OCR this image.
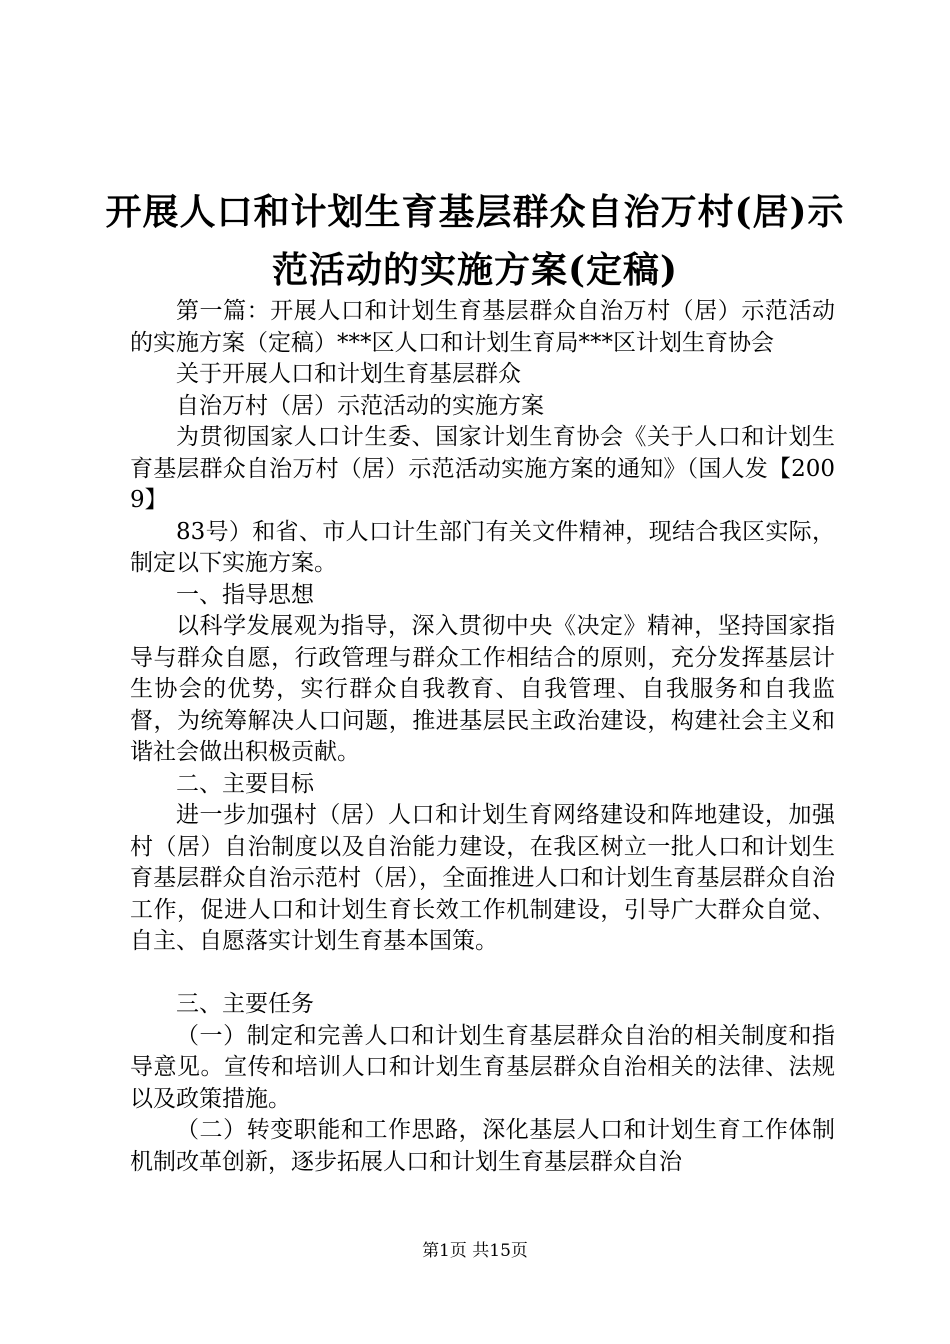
开展人口和计划生育基层群众自治万村(居)示
范活动的实施方案(定稿)

第一篇：开展人口和计划生育基层群众自治万村（居）示范活动的实施方案（定稿）***区人口和计划生育局***区计划生育协会

关于开展人口和计划生育基层群众

自治万村（居）示范活动的实施方案

为贯彻国家人口计生委、国家计划生育协会《关于人口和计划生育基层群众自治万村（居）示范活动实施方案的通知》（国人发【2009】

83号）和省、市人口计生部门有关文件精神，现结合我区实际，制定以下实施方案。

一、指导思想

以科学发展观为指导，深入贯彻中央《决定》精神，坚持国家指导与群众自愿，行政管理与群众工作相结合的原则，充分发挥基层计生协会的优势，实行群众自我教育、自我管理、自我服务和自我监督，为统筹解决人口问题，推进基层民主政治建设，构建社会主义和谐社会做出积极贡献。

二、主要目标

进一步加强村（居）人口和计划生育网络建设和阵地建设，加强村（居）自治制度以及自治能力建设，在我区树立一批人口和计划生育基层群众自治示范村（居），全面推进人口和计划生育基层群众自治工作，促进人口和计划生育长效工作机制建设，引导广大群众自觉、自主、自愿落实计划生育基本国策。

三、主要任务

（一）制定和完善人口和计划生育基层群众自治的相关制度和指导意见。宣传和培训人口和计划生育基层群众自治相关的法律、法规以及政策措施。

（二）转变职能和工作思路，深化基层人口和计划生育工作体制机制改革创新，逐步拓展人口和计划生育基层群众自治

第1页 共15页
